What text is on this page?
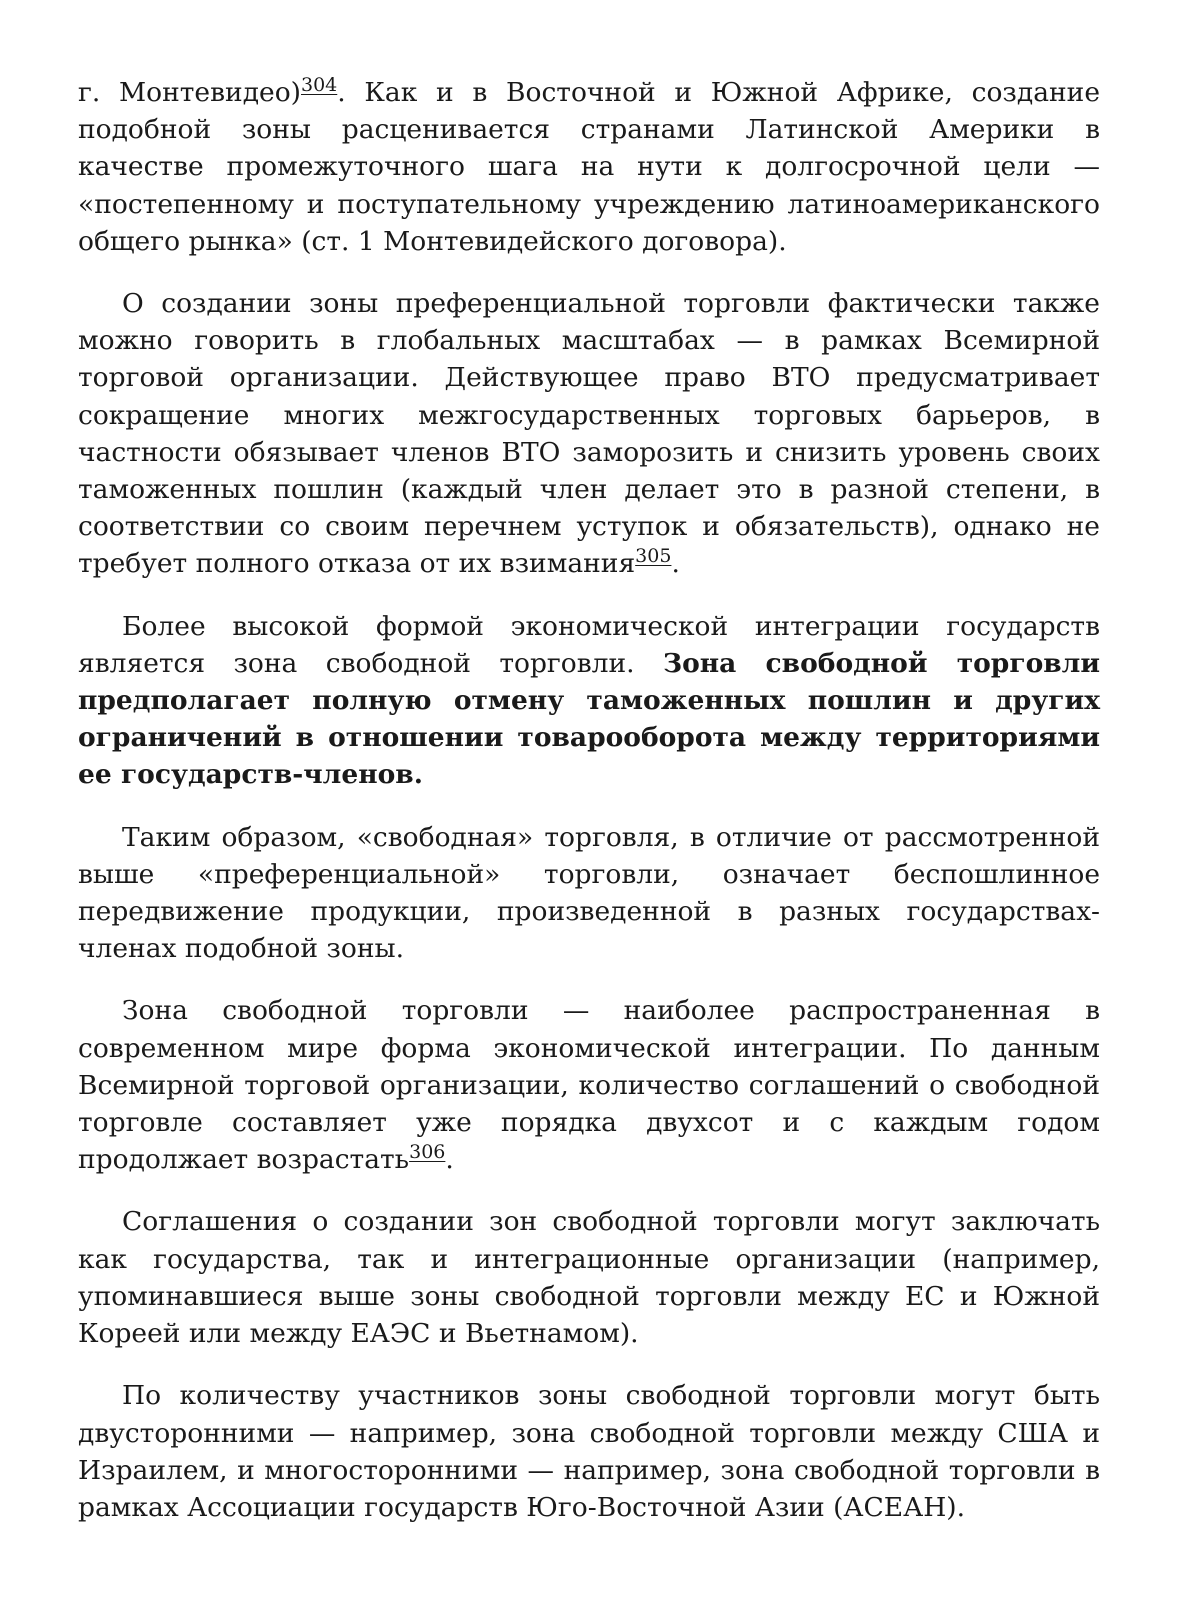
г. Монтевидео)$^{304}$. Как и в Восточной и Южной Африке, создание подобной зоны расценивается странами Латинской Америки в качестве промежуточного шага на нути к долгосрочной цели — «постепенному и поступательному учреждению латиноамериканского общего рынка» (ст. 1 Монтевидейского договора).

О создании зоны преференциальной торговли фактически также можно говорить в глобальных масштабах — в рамках Всемирной торговой организации. Действующее право ВТО предусматривает сокращение многих межгосударственных торговых барьеров, в частности обязывает членов ВТО заморозить и снизить уровень своих таможенных пошлин (каждый член делает это в разной степени, в соответствии со своим перечнем уступок и обязательств), однако не требует полного отказа от их взимания$^{305}$.

Более высокой формой экономической интеграции государств является зона свободной торговли. Зона свободной торговли предполагает полную отмену таможенных пошлин и других ограничений в отношении товарооборота между территориями ее государств-членов.

Таким образом, «свободная» торговля, в отличие от рассмотренной выше «преференциальной» торговли, означает беспошлинное передвижение продукции, произведенной в разных государствах-членах подобной зоны.

Зона свободной торговли — наиболее распространенная в современном мире форма экономической интеграции. По данным Всемирной торговой организации, количество соглашений о свободной торговле составляет уже порядка двухсот и с каждым годом продолжает возрастать$^{306}$.

Соглашения о создании зон свободной торговли могут заключать как государства, так и интеграционные организации (например, упоминавшиеся выше зоны свободной торговли между ЕС и Южной Кореей или между ЕАЭС и Вьетнамом).

По количеству участников зоны свободной торговли могут быть двусторонними — например, зона свободной торговли между США и Израилем, и многосторонними — например, зона свободной торговли в рамках Ассоциации государств Юго-Восточной Азии (АСЕАН).
